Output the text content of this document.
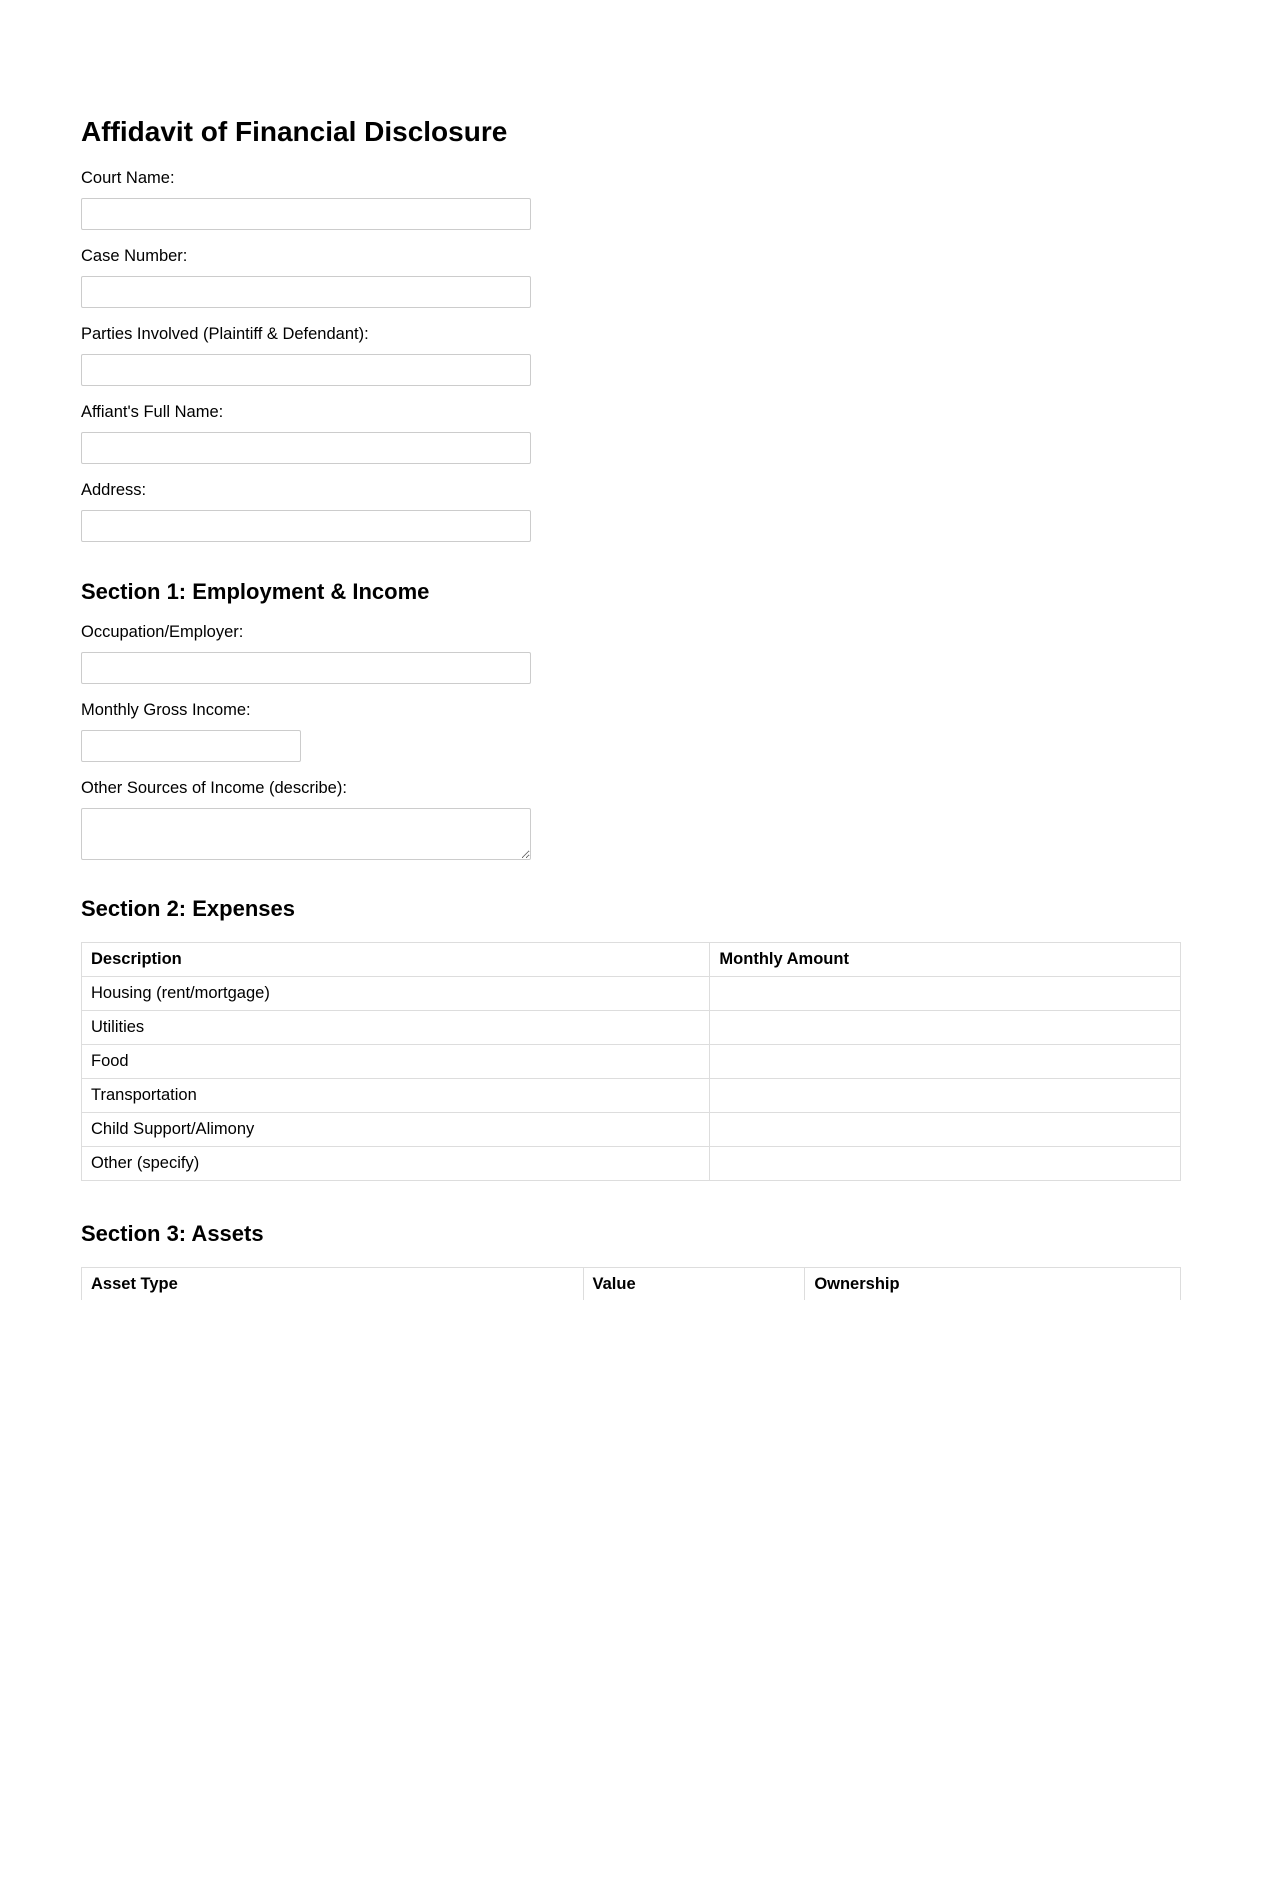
Affidavit of Financial Disclosure
Court Name:
Case Number:
Parties Involved (Plaintiff & Defendant):
Affiant's Full Name:
Address:
Section 1: Employment & Income
Occupation/Employer:
Monthly Gross Income:
Other Sources of Income (describe):
Section 2: Expenses
Description	Monthly Amount
Housing (rent/mortgage)	
Utilities	
Food	
Transportation	
Child Support/Alimony	
Other (specify)	
Section 3: Assets
Asset Type	Value	Ownership
